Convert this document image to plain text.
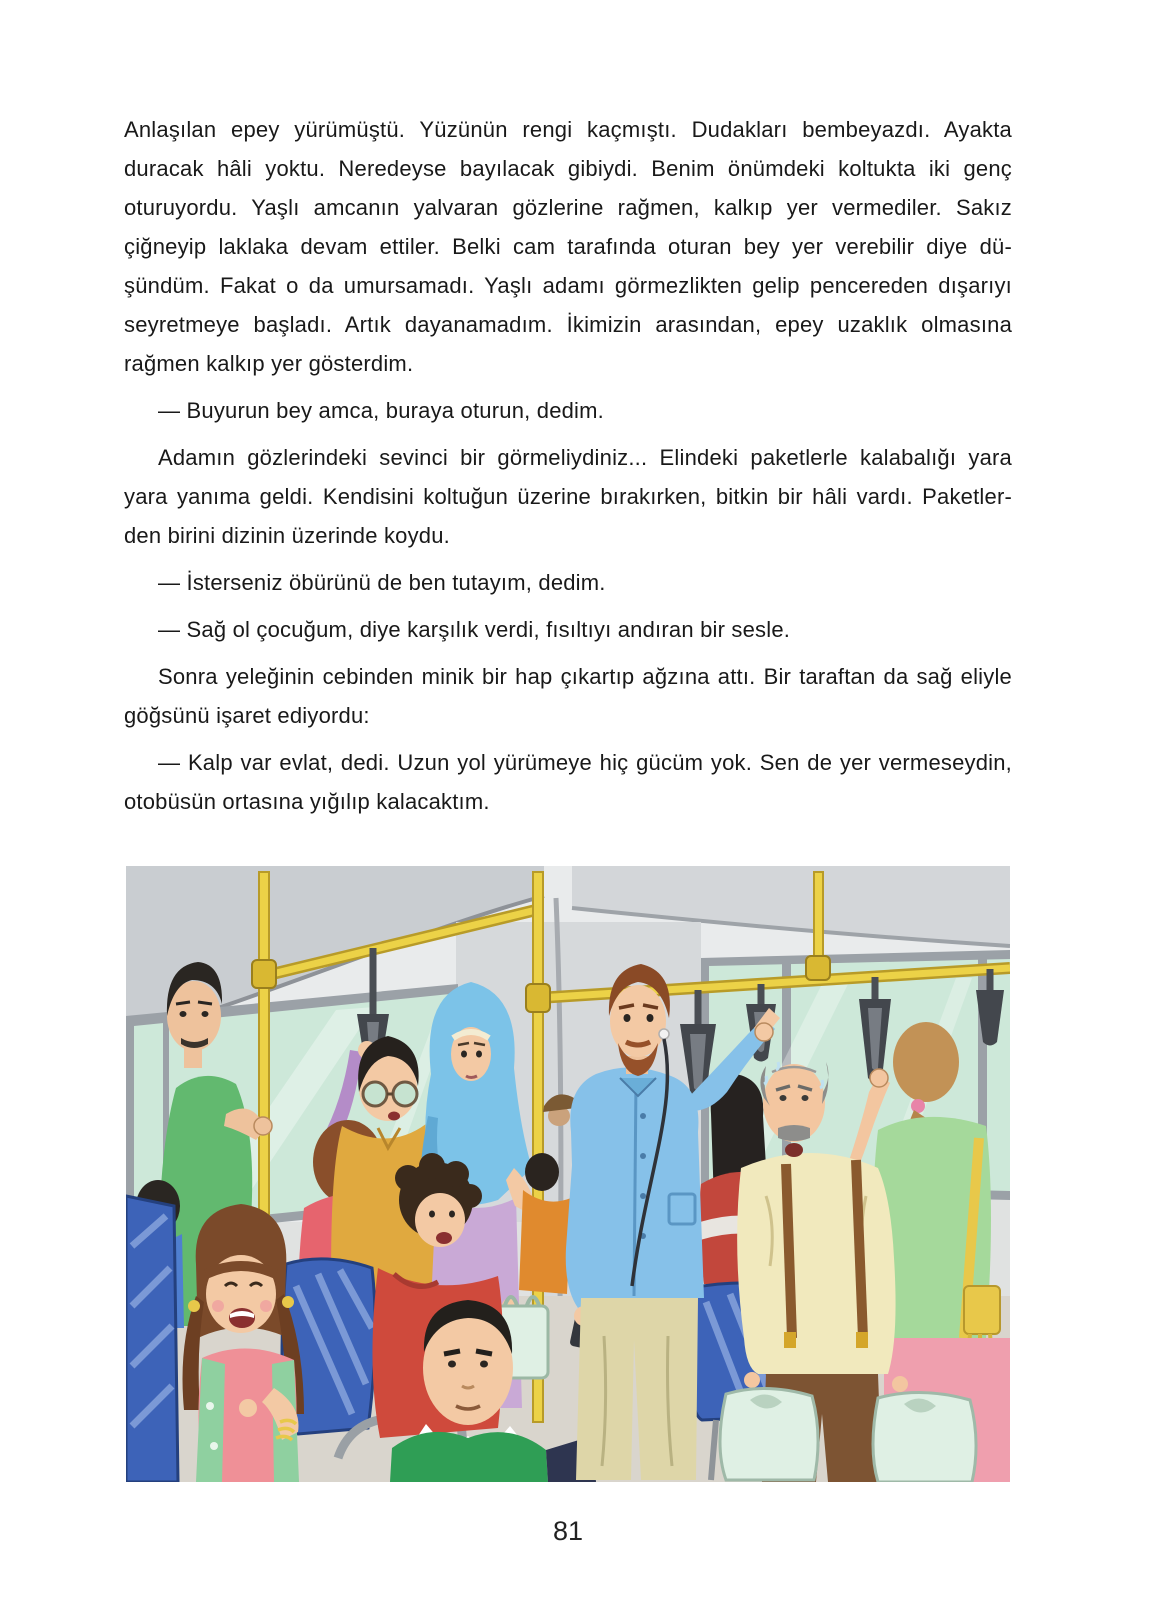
Anlaşılan epey yürümüştü. Yüzünün rengi kaçmıştı. Dudakları bembeyazdı. Ayakta
duracak hâli yoktu. Neredeyse bayılacak gibiydi. Benim önümdeki koltukta iki genç
oturuyordu. Yaşlı amcanın yalvaran gözlerine rağmen, kalkıp yer vermediler. Sakız
çiğneyip laklaka devam ettiler. Belki cam tarafında oturan bey yer verebilir diye dü-
şündüm. Fakat o da umursamadı. Yaşlı adamı görmezlikten gelip pencereden dışarıyı
seyretmeye başladı. Artık dayanamadım. İkimizin arasından, epey uzaklık olmasına
rağmen kalkıp yer gösterdim.
— Buyurun bey amca, buraya oturun, dedim.
Adamın gözlerindeki sevinci bir görmeliydiniz... Elindeki paketlerle kalabalığı yara
yara yanıma geldi. Kendisini koltuğun üzerine bırakırken, bitkin bir hâli vardı. Paketler-
den birini dizinin üzerinde koydu.
— İsterseniz öbürünü de ben tutayım, dedim.
— Sağ ol çocuğum, diye karşılık verdi, fısıltıyı andıran bir sesle.
Sonra yeleğinin cebinden minik bir hap çıkartıp ağzına attı. Bir taraftan da sağ eliyle
göğsünü işaret ediyordu:
— Kalp var evlat, dedi. Uzun yol yürümeye hiç gücüm yok. Sen de yer vermeseydin,
otobüsün ortasına yığılıp kalacaktım.
81
